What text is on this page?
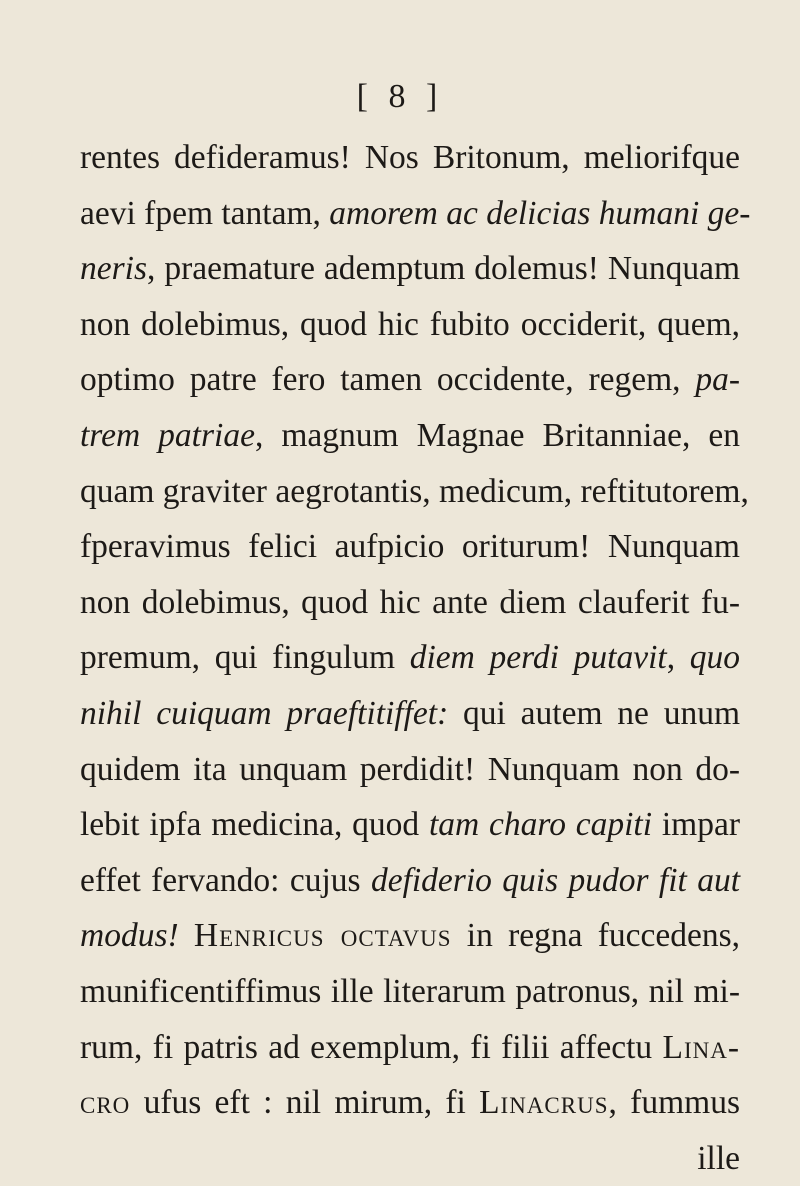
[ 8 ]
rentes defideramus! Nos Britonum, meliorifque
aevi fpem tantam, amorem ac delicias humani ge-
neris, praemature ademptum dolemus! Nunquam
non dolebimus, quod hic fubito occiderit, quem,
optimo patre fero tamen occidente, regem, pa-
trem patriae, magnum Magnae Britanniae, en
quam graviter aegrotantis, medicum, reftitutorem,
fperavimus felici aufpicio oriturum! Nunquam
non dolebimus, quod hic ante diem clauferit fu-
premum, qui fingulum diem perdi putavit, quo
nihil cuiquam praeftitiffet: qui autem ne unum
quidem ita unquam perdidit! Nunquam non do-
lebit ipfa medicina, quod tam charo capiti impar
effet fervando: cujus defiderio quis pudor fit aut
modus! Henricus octavus in regna fuccedens,
munificentiffimus ille literarum patronus, nil mi-
rum, fi patris ad exemplum, fi filii affectu Lina-
cro ufus eft : nil mirum, fi Linacrus, fummus
ille
